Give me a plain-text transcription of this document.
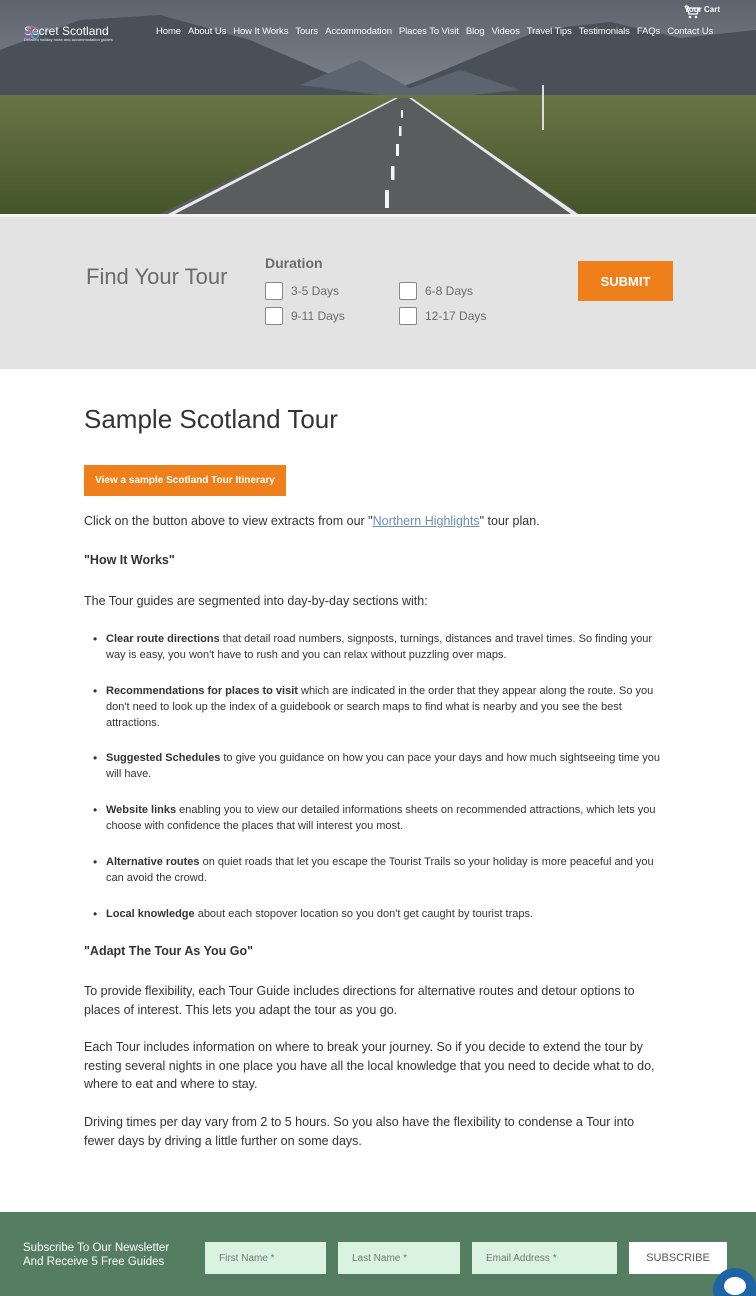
Your Cart
Secret Scotland
Detailed holiday route and accommodation guides
Home About Us How It Works Tours Accommodation Places To Visit Blog Videos Travel Tips Testimonials FAQs Contact Us
Find Your Tour
Duration
3-5 Days	6-8 Days
9-11 Days	12-17 Days
SUBMIT
Sample Scotland Tour
View a sample Scotland Tour Itinerary

Click on the button above to view extracts from our "Northern Highlights" tour plan.

"How It Works"

The Tour guides are segmented into day-by-day sections with:

• Clear route directions that detail road numbers, signposts, turnings, distances and travel times. So finding your way is easy, you won't have to rush and you can relax without puzzling over maps.
• Recommendations for places to visit which are indicated in the order that they appear along the route. So you don't need to look up the index of a guidebook or search maps to find what is nearby and you see the best attractions.
• Suggested Schedules to give you guidance on how you can pace your days and how much sightseeing time you will have.
• Website links enabling you to view our detailed informations sheets on recommended attractions, which lets you choose with confidence the places that will interest you most.
• Alternative routes on quiet roads that let you escape the Tourist Trails so your holiday is more peaceful and you can avoid the crowd.
• Local knowledge about each stopover location so you don't get caught by tourist traps.

"Adapt The Tour As You Go"

To provide flexibility, each Tour Guide includes directions for alternative routes and detour options to places of interest. This lets you adapt the tour as you go.

Each Tour includes information on where to break your journey. So if you decide to extend the tour by resting several nights in one place you have all the local knowledge that you need to decide what to do, where to eat and where to stay.

Driving times per day vary from 2 to 5 hours. So you also have the flexibility to condense a Tour into fewer days by driving a little further on some days.

Subscribe To Our Newsletter
And Receive 5 Free Guides	First Name *	Last Name *	Email Address *	SUBSCRIBE
